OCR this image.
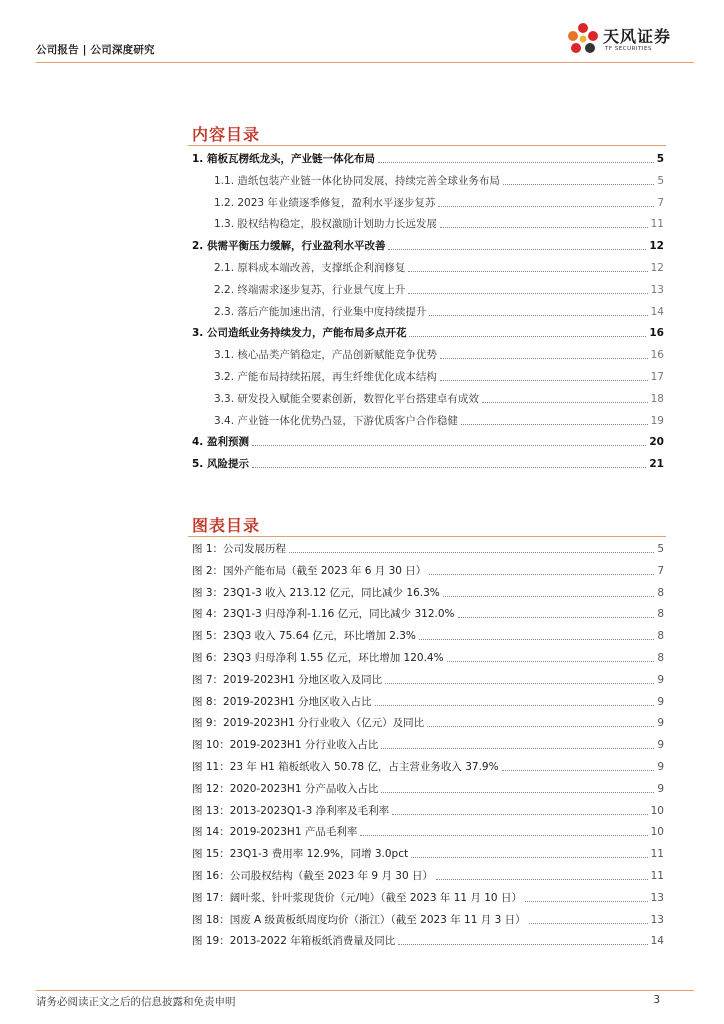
公司报告 | 公司深度研究
天风证券
TF SECURITIES
内容目录
1. 箱板瓦楞纸龙头，产业链一体化布局	5
1.1. 造纸包装产业链一体化协同发展，持续完善全球业务布局	5
1.2. 2023 年业绩逐季修复，盈利水平逐步复苏	7
1.3. 股权结构稳定，股权激励计划助力长远发展	11
2. 供需平衡压力缓解，行业盈利水平改善	12
2.1. 原料成本端改善，支撑纸企利润修复	12
2.2. 终端需求逐步复苏，行业景气度上升	13
2.3. 落后产能加速出清，行业集中度持续提升	14
3. 公司造纸业务持续发力，产能布局多点开花	16
3.1. 核心品类产销稳定，产品创新赋能竞争优势	16
3.2. 产能布局持续拓展，再生纤维优化成本结构	17
3.3. 研发投入赋能全要素创新，数智化平台搭建卓有成效	18
3.4. 产业链一体化优势凸显，下游优质客户合作稳健	19
4. 盈利预测	20
5. 风险提示	21
图表目录
图 1：公司发展历程	5
图 2：国外产能布局（截至 2023 年 6 月 30 日）	7
图 3：23Q1-3 收入 213.12 亿元，同比减少 16.3%	8
图 4：23Q1-3 归母净利-1.16 亿元，同比减少 312.0%	8
图 5：23Q3 收入 75.64 亿元，环比增加 2.3%	8
图 6：23Q3 归母净利 1.55 亿元，环比增加 120.4%	8
图 7：2019-2023H1 分地区收入及同比	9
图 8：2019-2023H1 分地区收入占比	9
图 9：2019-2023H1 分行业收入（亿元）及同比	9
图 10：2019-2023H1 分行业收入占比	9
图 11：23 年 H1 箱板纸收入 50.78 亿，占主营业务收入 37.9%	9
图 12：2020-2023H1 分产品收入占比	9
图 13：2013-2023Q1-3 净利率及毛利率	10
图 14：2019-2023H1 产品毛利率	10
图 15：23Q1-3 费用率 12.9%，同增 3.0pct	11
图 16：公司股权结构（截至 2023 年 9 月 30 日）	11
图 17：阔叶浆、针叶浆现货价（元/吨）（截至 2023 年 11 月 10 日）	13
图 18：国废 A 级黄板纸周度均价（浙江）（截至 2023 年 11 月 3 日）	13
图 19：2013-2022 年箱板纸消费量及同比	14
请务必阅读正文之后的信息披露和免责申明	3
